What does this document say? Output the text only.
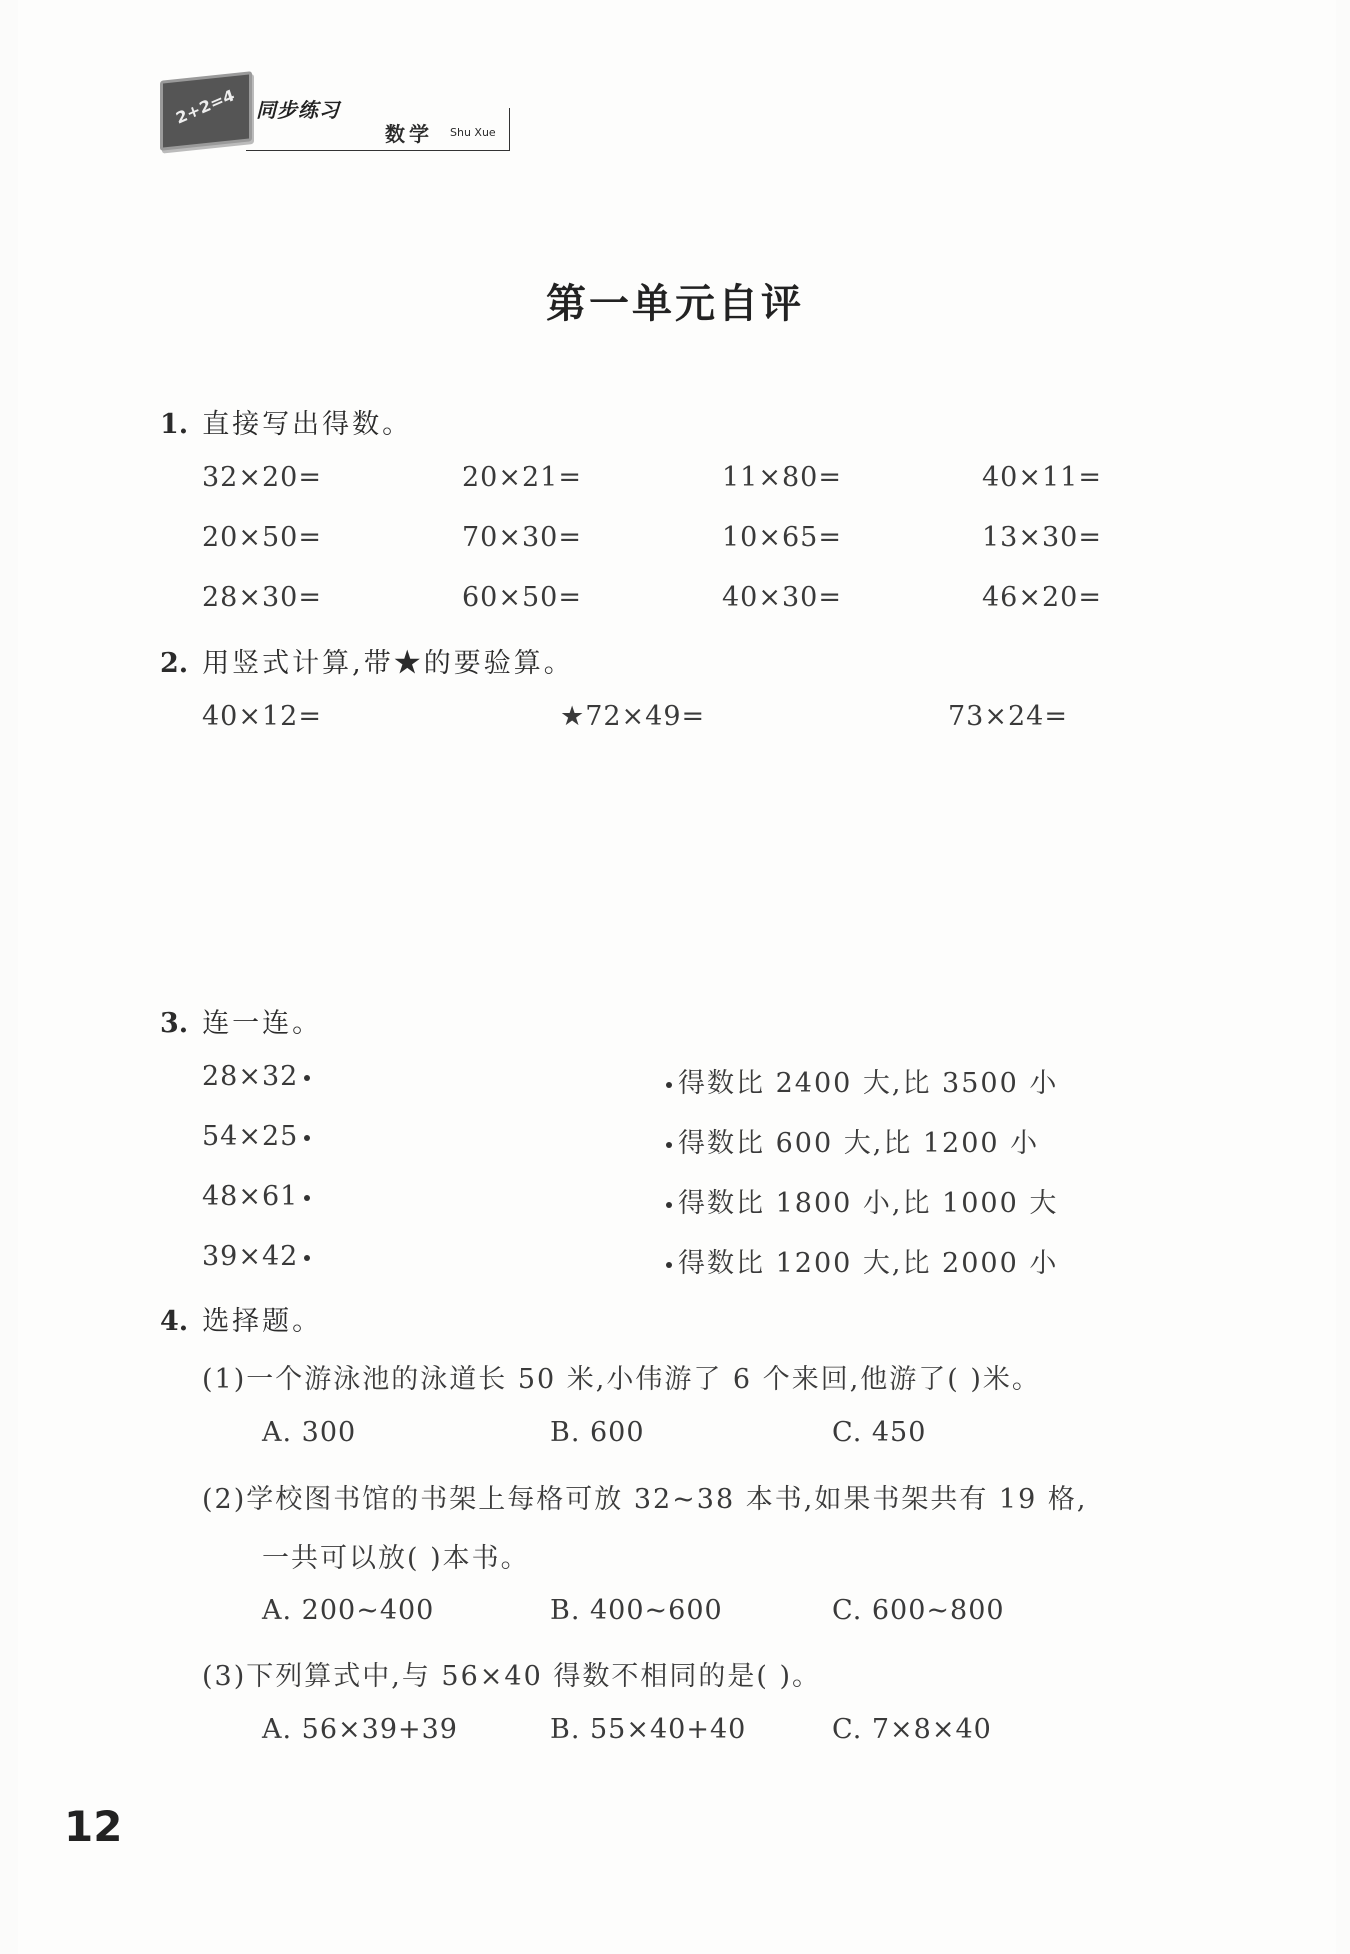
2+2=4 同步练习
数学 Shu Xue
第一单元自评
1. 直接写出得数。
32×20=	20×21=	11×80=	40×11=
20×50=	70×30=	10×65=	13×30=
28×30=	60×50=	40×30=	46×20=
2. 用竖式计算,带★的要验算。
40×12=	★72×49=	73×24=
3. 连一连。
28×32
54×25
48×61
39×42
得数比 2400 大,比 3500 小
得数比 600 大,比 1200 小
得数比 1800 小,比 1000 大
得数比 1200 大,比 2000 小
4. 选择题。
(1)一个游泳池的泳道长 50 米,小伟游了 6 个来回,他游了( )米。
A. 300	B. 600	C. 450
(2)学校图书馆的书架上每格可放 32~38 本书,如果书架共有 19 格,
一共可以放( )本书。
A. 200~400	B. 400~600	C. 600~800
(3)下列算式中,与 56×40 得数不相同的是( )。
A. 56×39+39	B. 55×40+40	C. 7×8×40
12
